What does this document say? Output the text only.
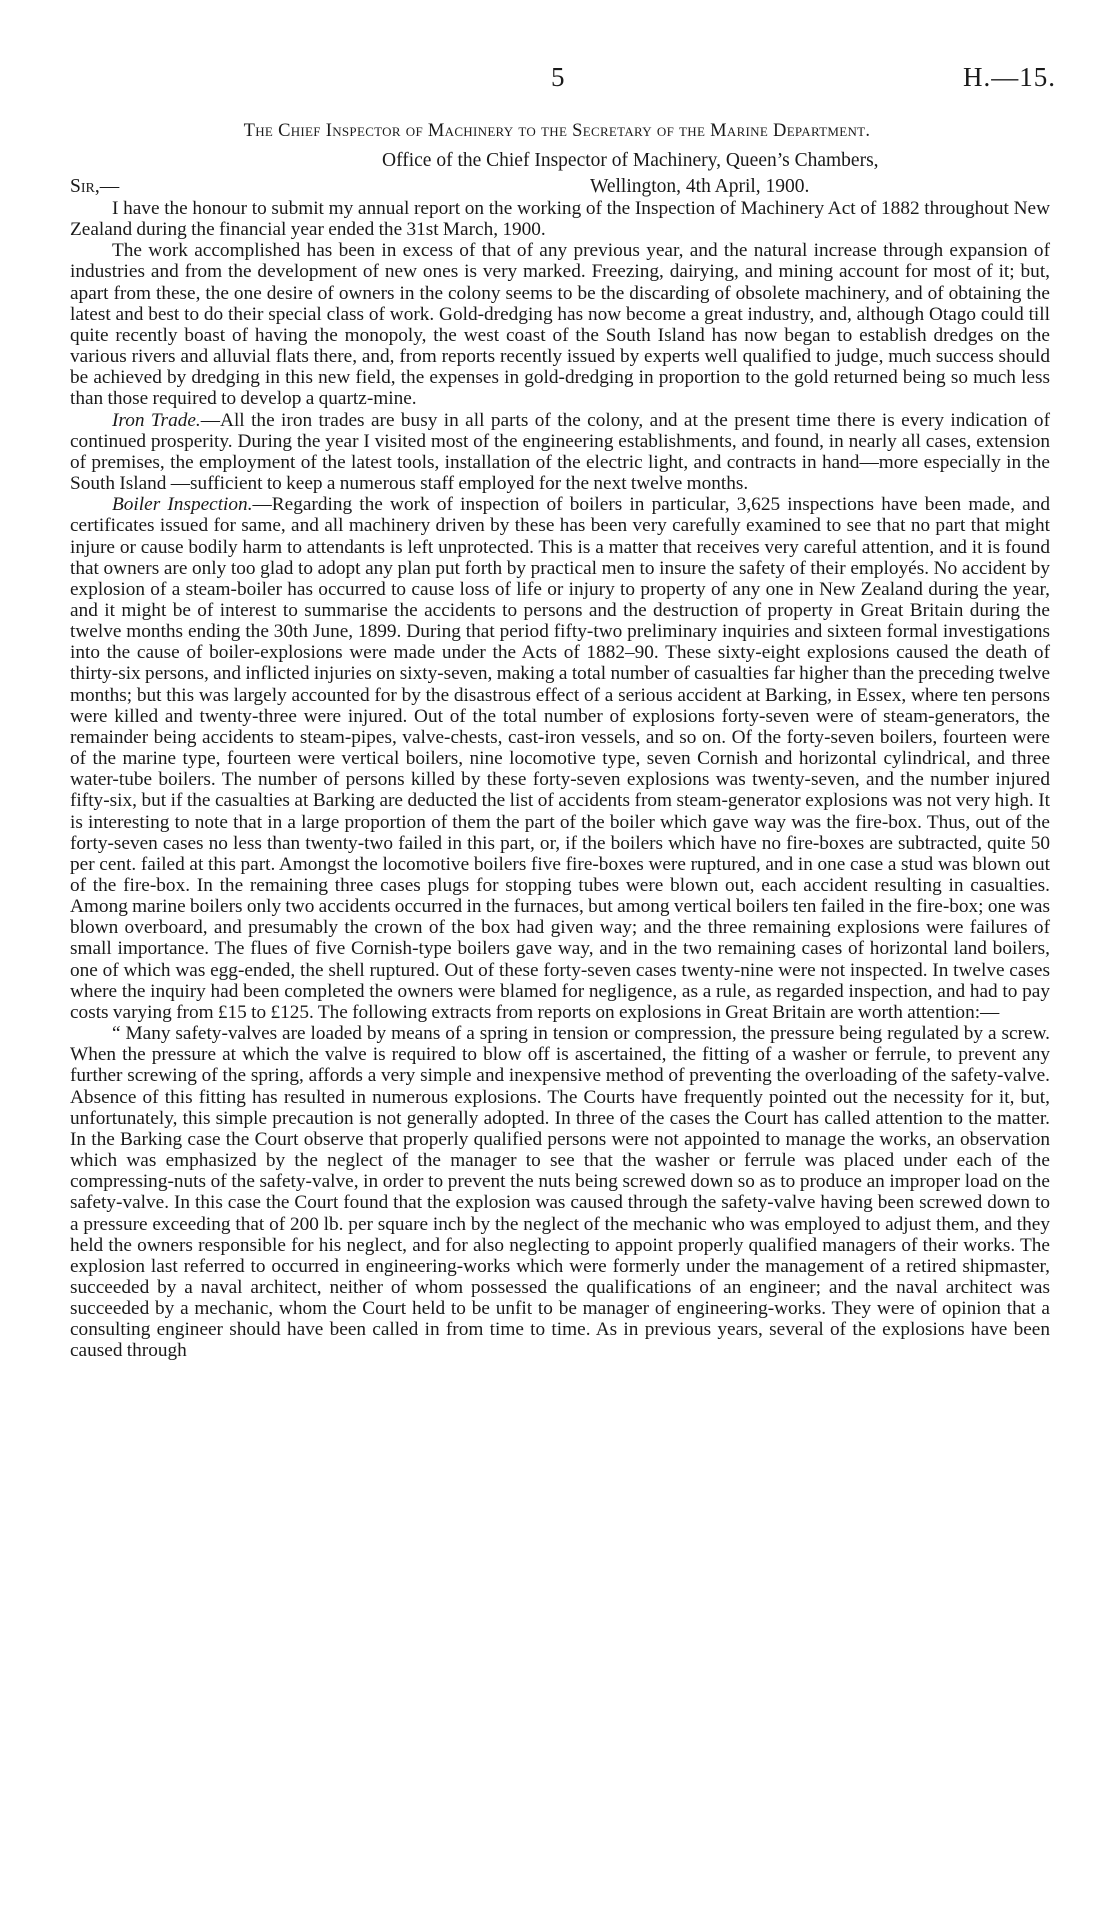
5	H.—15.
The Chief Inspector of Machinery to the Secretary of the Marine Department.
Office of the Chief Inspector of Machinery, Queen’s Chambers,
Sir,—	Wellington, 4th April, 1900.

I have the honour to submit my annual report on the working of the Inspection of Machinery Act of 1882 throughout New Zealand during the financial year ended the 31st March, 1900.

The work accomplished has been in excess of that of any previous year, and the natural increase through expansion of industries and from the development of new ones is very marked. Freezing, dairying, and mining account for most of it; but, apart from these, the one desire of owners in the colony seems to be the discarding of obsolete machinery, and of obtaining the latest and best to do their special class of work. Gold-dredging has now become a great industry, and, although Otago could till quite recently boast of having the monopoly, the west coast of the South Island has now began to establish dredges on the various rivers and alluvial flats there, and, from reports recently issued by experts well qualified to judge, much success should be achieved by dredging in this new field, the expenses in gold-dredging in proportion to the gold returned being so much less than those required to develop a quartz-mine.

Iron Trade.—All the iron trades are busy in all parts of the colony, and at the present time there is every indication of continued prosperity. During the year I visited most of the engineering establishments, and found, in nearly all cases, extension of premises, the employment of the latest tools, installation of the electric light, and contracts in hand—more especially in the South Island —sufficient to keep a numerous staff employed for the next twelve months.

Boiler Inspection.—Regarding the work of inspection of boilers in particular, 3,625 inspections have been made, and certificates issued for same, and all machinery driven by these has been very carefully examined to see that no part that might injure or cause bodily harm to attendants is left unprotected. This is a matter that receives very careful attention, and it is found that owners are only too glad to adopt any plan put forth by practical men to insure the safety of their employés. No accident by explosion of a steam-boiler has occurred to cause loss of life or injury to property of any one in New Zealand during the year, and it might be of interest to summarise the accidents to persons and the destruction of property in Great Britain during the twelve months ending the 30th June, 1899. During that period fifty-two preliminary inquiries and sixteen formal investigations into the cause of boiler-explosions were made under the Acts of 1882–90. These sixty-eight explosions caused the death of thirty-six persons, and inflicted injuries on sixty-seven, making a total number of casualties far higher than the preceding twelve months; but this was largely accounted for by the disastrous effect of a serious accident at Barking, in Essex, where ten persons were killed and twenty-three were injured. Out of the total number of explosions forty-seven were of steam-generators, the remainder being accidents to steam-pipes, valve-chests, cast-iron vessels, and so on. Of the forty-seven boilers, fourteen were of the marine type, fourteen were vertical boilers, nine locomotive type, seven Cornish and horizontal cylindrical, and three water-tube boilers. The number of persons killed by these forty-seven explosions was twenty-seven, and the number injured fifty-six, but if the casualties at Barking are deducted the list of accidents from steam-generator explosions was not very high. It is interesting to note that in a large proportion of them the part of the boiler which gave way was the fire-box. Thus, out of the forty-seven cases no less than twenty-two failed in this part, or, if the boilers which have no fire-boxes are subtracted, quite 50 per cent. failed at this part. Amongst the locomotive boilers five fire-boxes were ruptured, and in one case a stud was blown out of the fire-box. In the remaining three cases plugs for stopping tubes were blown out, each accident resulting in casualties. Among marine boilers only two accidents occurred in the furnaces, but among vertical boilers ten failed in the fire-box; one was blown overboard, and presumably the crown of the box had given way; and the three remaining explosions were failures of small importance. The flues of five Cornish-type boilers gave way, and in the two remaining cases of horizontal land boilers, one of which was egg-ended, the shell ruptured. Out of these forty-seven cases twenty-nine were not inspected. In twelve cases where the inquiry had been completed the owners were blamed for negligence, as a rule, as regarded inspection, and had to pay costs varying from £15 to £125. The following extracts from reports on explosions in Great Britain are worth attention:—

“ Many safety-valves are loaded by means of a spring in tension or compression, the pressure being regulated by a screw. When the pressure at which the valve is required to blow off is ascertained, the fitting of a washer or ferrule, to prevent any further screwing of the spring, affords a very simple and inexpensive method of preventing the overloading of the safety-valve. Absence of this fitting has resulted in numerous explosions. The Courts have frequently pointed out the necessity for it, but, unfortunately, this simple precaution is not generally adopted. In three of the cases the Court has called attention to the matter. In the Barking case the Court observe that properly qualified persons were not appointed to manage the works, an observation which was emphasized by the neglect of the manager to see that the washer or ferrule was placed under each of the compressing-nuts of the safety-valve, in order to prevent the nuts being screwed down so as to produce an improper load on the safety-valve. In this case the Court found that the explosion was caused through the safety-valve having been screwed down to a pressure exceeding that of 200 lb. per square inch by the neglect of the mechanic who was employed to adjust them, and they held the owners responsible for his neglect, and for also neglecting to appoint properly qualified managers of their works. The explosion last referred to occurred in engineering-works which were formerly under the management of a retired shipmaster, succeeded by a naval architect, neither of whom possessed the qualifications of an engineer; and the naval architect was succeeded by a mechanic, whom the Court held to be unfit to be manager of engineering-works. They were of opinion that a consulting engineer should have been called in from time to time. As in previous years, several of the explosions have been caused through
